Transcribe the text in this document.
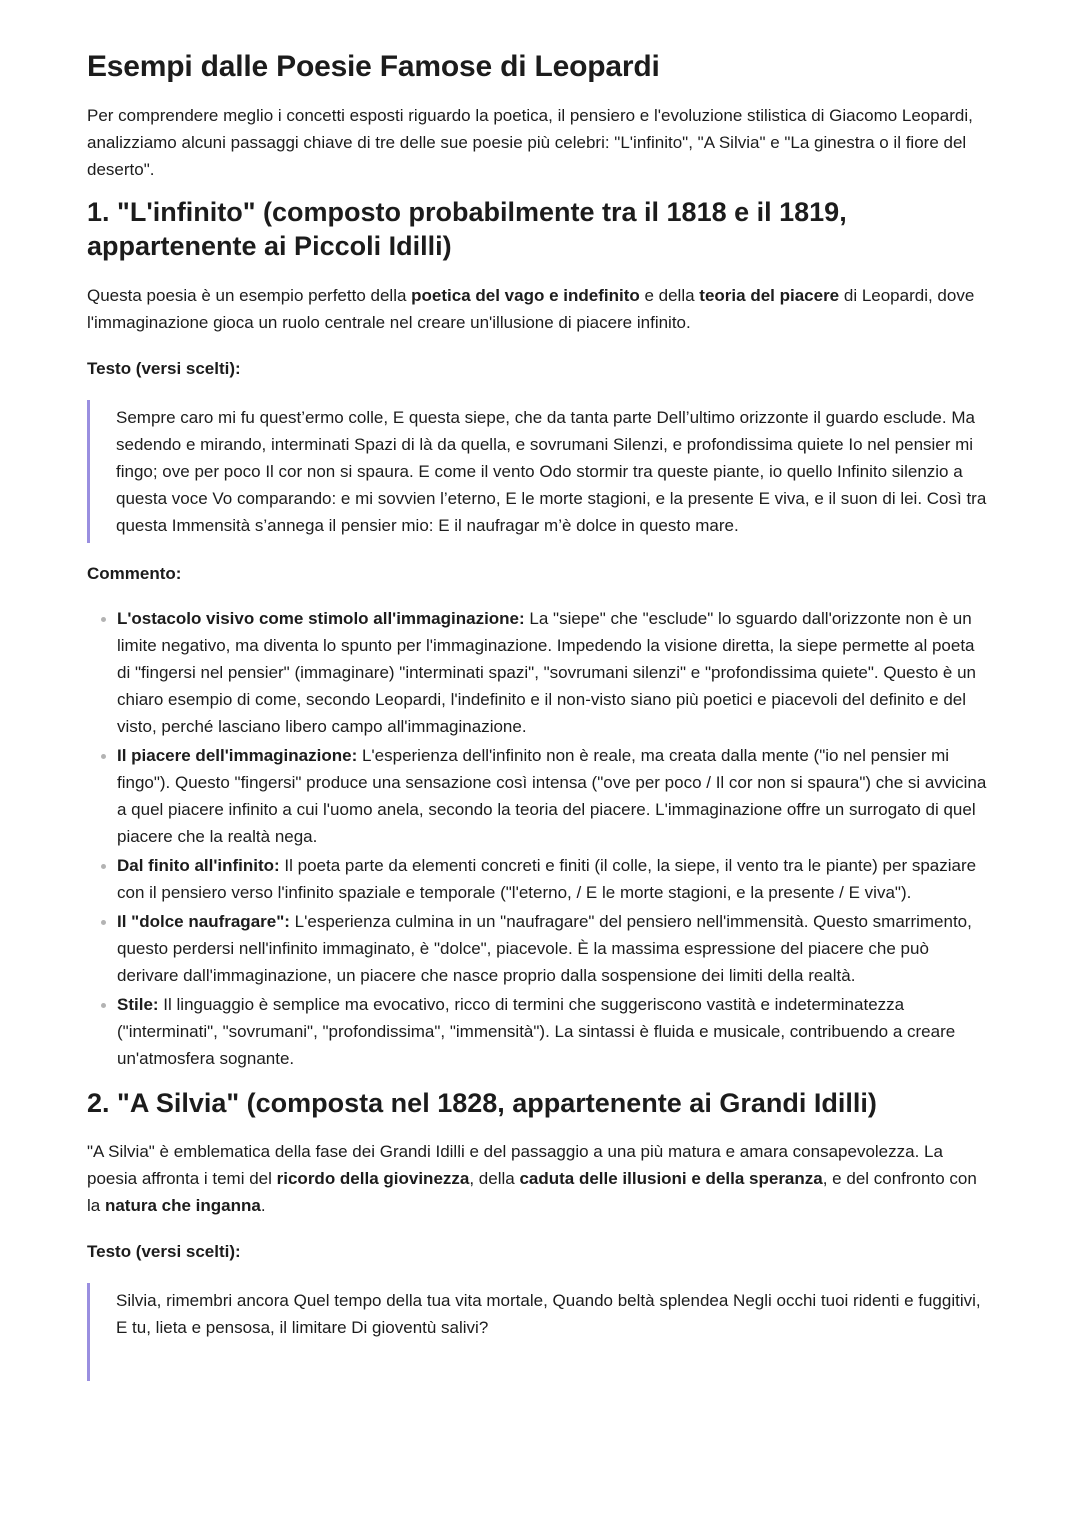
Esempi dalle Poesie Famose di Leopardi

Per comprendere meglio i concetti esposti riguardo la poetica, il pensiero e l'evoluzione stilistica di Giacomo Leopardi, analizziamo alcuni passaggi chiave di tre delle sue poesie più celebri: "L'infinito", "A Silvia" e "La ginestra o il fiore del deserto".

1. "L'infinito" (composto probabilmente tra il 1818 e il 1819, appartenente ai Piccoli Idilli)

Questa poesia è un esempio perfetto della poetica del vago e indefinito e della teoria del piacere di Leopardi, dove l'immaginazione gioca un ruolo centrale nel creare un'illusione di piacere infinito.

Testo (versi scelti):

Sempre caro mi fu quest’ermo colle, E questa siepe, che da tanta parte Dell’ultimo orizzonte il guardo esclude. Ma sedendo e mirando, interminati Spazi di là da quella, e sovrumani Silenzi, e profondissima quiete Io nel pensier mi fingo; ove per poco Il cor non si spaura. E come il vento Odo stormir tra queste piante, io quello Infinito silenzio a questa voce Vo comparando: e mi sovvien l’eterno, E le morte stagioni, e la presente E viva, e il suon di lei. Così tra questa Immensità s’annega il pensier mio: E il naufragar m’è dolce in questo mare.

Commento:

L'ostacolo visivo come stimolo all'immaginazione: La "siepe" che "esclude" lo sguardo dall'orizzonte non è un limite negativo, ma diventa lo spunto per l'immaginazione. Impedendo la visione diretta, la siepe permette al poeta di "fingersi nel pensier" (immaginare) "interminati spazi", "sovrumani silenzi" e "profondissima quiete". Questo è un chiaro esempio di come, secondo Leopardi, l'indefinito e il non-visto siano più poetici e piacevoli del definito e del visto, perché lasciano libero campo all'immaginazione.
Il piacere dell'immaginazione: L'esperienza dell'infinito non è reale, ma creata dalla mente ("io nel pensier mi fingo"). Questo "fingersi" produce una sensazione così intensa ("ove per poco / Il cor non si spaura") che si avvicina a quel piacere infinito a cui l'uomo anela, secondo la teoria del piacere. L'immaginazione offre un surrogato di quel piacere che la realtà nega.
Dal finito all'infinito: Il poeta parte da elementi concreti e finiti (il colle, la siepe, il vento tra le piante) per spaziare con il pensiero verso l'infinito spaziale e temporale ("l'eterno, / E le morte stagioni, e la presente / E viva").
Il "dolce naufragare": L'esperienza culmina in un "naufragare" del pensiero nell'immensità. Questo smarrimento, questo perdersi nell'infinito immaginato, è "dolce", piacevole. È la massima espressione del piacere che può derivare dall'immaginazione, un piacere che nasce proprio dalla sospensione dei limiti della realtà.
Stile: Il linguaggio è semplice ma evocativo, ricco di termini che suggeriscono vastità e indeterminatezza ("interminati", "sovrumani", "profondissima", "immensità"). La sintassi è fluida e musicale, contribuendo a creare un'atmosfera sognante.
2. "A Silvia" (composta nel 1828, appartenente ai Grandi Idilli)

"A Silvia" è emblematica della fase dei Grandi Idilli e del passaggio a una più matura e amara consapevolezza. La poesia affronta i temi del ricordo della giovinezza, della caduta delle illusioni e della speranza, e del confronto con la natura che inganna.

Testo (versi scelti):

Silvia, rimembri ancora Quel tempo della tua vita mortale, Quando beltà splendea Negli occhi tuoi ridenti e fuggitivi, E tu, lieta e pensosa, il limitare Di gioventù salivi?
